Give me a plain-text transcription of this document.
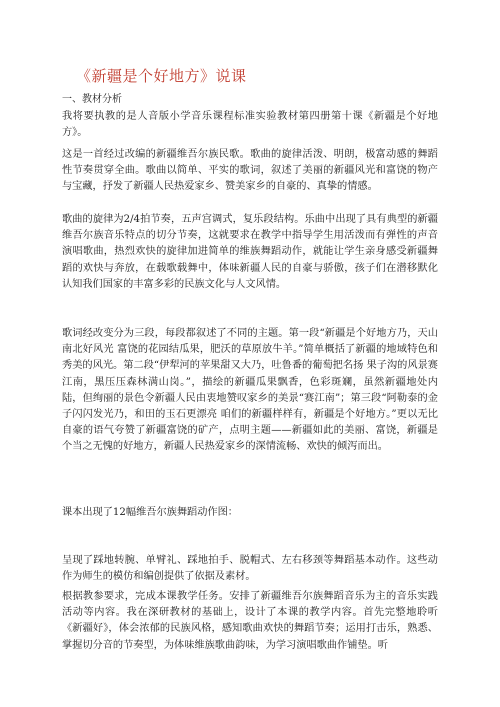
《新疆是个好地方》说课
一、教材分析

我将要执教的是人音版小学音乐课程标准实验教材第四册第十课《新疆是个好地方》。

这是一首经过改编的新疆维吾尔族民歌。歌曲的旋律活泼、明朗，极富动感的舞蹈性节奏贯穿全曲。歌曲以简单、平实的歌词，叙述了美丽的新疆风光和富饶的物产与宝藏，抒发了新疆人民热爱家乡、赞美家乡的自豪的、真挚的情感。

歌曲的旋律为2/4拍节奏，五声宫调式，复乐段结构。乐曲中出现了具有典型的新疆维吾尔族音乐特点的切分节奏，这就要求在教学中指导学生用活泼而有弹性的声音演唱歌曲，热烈欢快的旋律加进简单的维族舞蹈动作，就能让学生亲身感受新疆舞蹈的欢快与奔放，在载歌载舞中，体味新疆人民的自豪与骄傲，孩子们在潜移默化认知我们国家的丰富多彩的民族文化与人文风情。

歌词经改变分为三段，每段都叙述了不同的主题。第一段“新疆是个好地方乃，天山南北好风光 富饶的花园结瓜果，肥沃的草原放牛羊。”简单概括了新疆的地域特色和秀美的风光。第二段“伊犁河的苹果甜又大乃，吐鲁番的葡萄把名扬 果子沟的风景赛江南，黑压压森林满山岗。”，描绘的新疆瓜果飘香，色彩斑斓，虽然新疆地处内陆，但绚丽的景色令新疆人民由衷地赞叹家乡的美景“赛江南”；第三段“阿勒泰的金子闪闪发光乃，和田的玉石更漂亮 咱们的新疆样样有，新疆是个好地方。”更以无比自豪的语气夸赞了新疆富饶的矿产，点明主题——新疆如此的美丽、富饶，新疆是个当之无愧的好地方，新疆人民热爱家乡的深情流畅、欢快的倾泻而出。

课本出现了12幅维吾尔族舞蹈动作图：

呈现了踩地转腕、单臂礼、踩地拍手、脱帽式、左右移颈等舞蹈基本动作。这些动作为师生的模仿和编创提供了依据及素材。

根据教参要求，完成本课教学任务。安排了新疆维吾尔族舞蹈音乐为主的音乐实践活动等内容。我在深研教材的基础上，设计了本课的教学内容。首先完整地聆听《新疆好》，体会浓郁的民族风格，感知歌曲欢快的舞蹈节奏；运用打击乐，熟悉、掌握切分音的节奏型，为体味维族歌曲韵味，为学习演唱歌曲作铺垫。听
